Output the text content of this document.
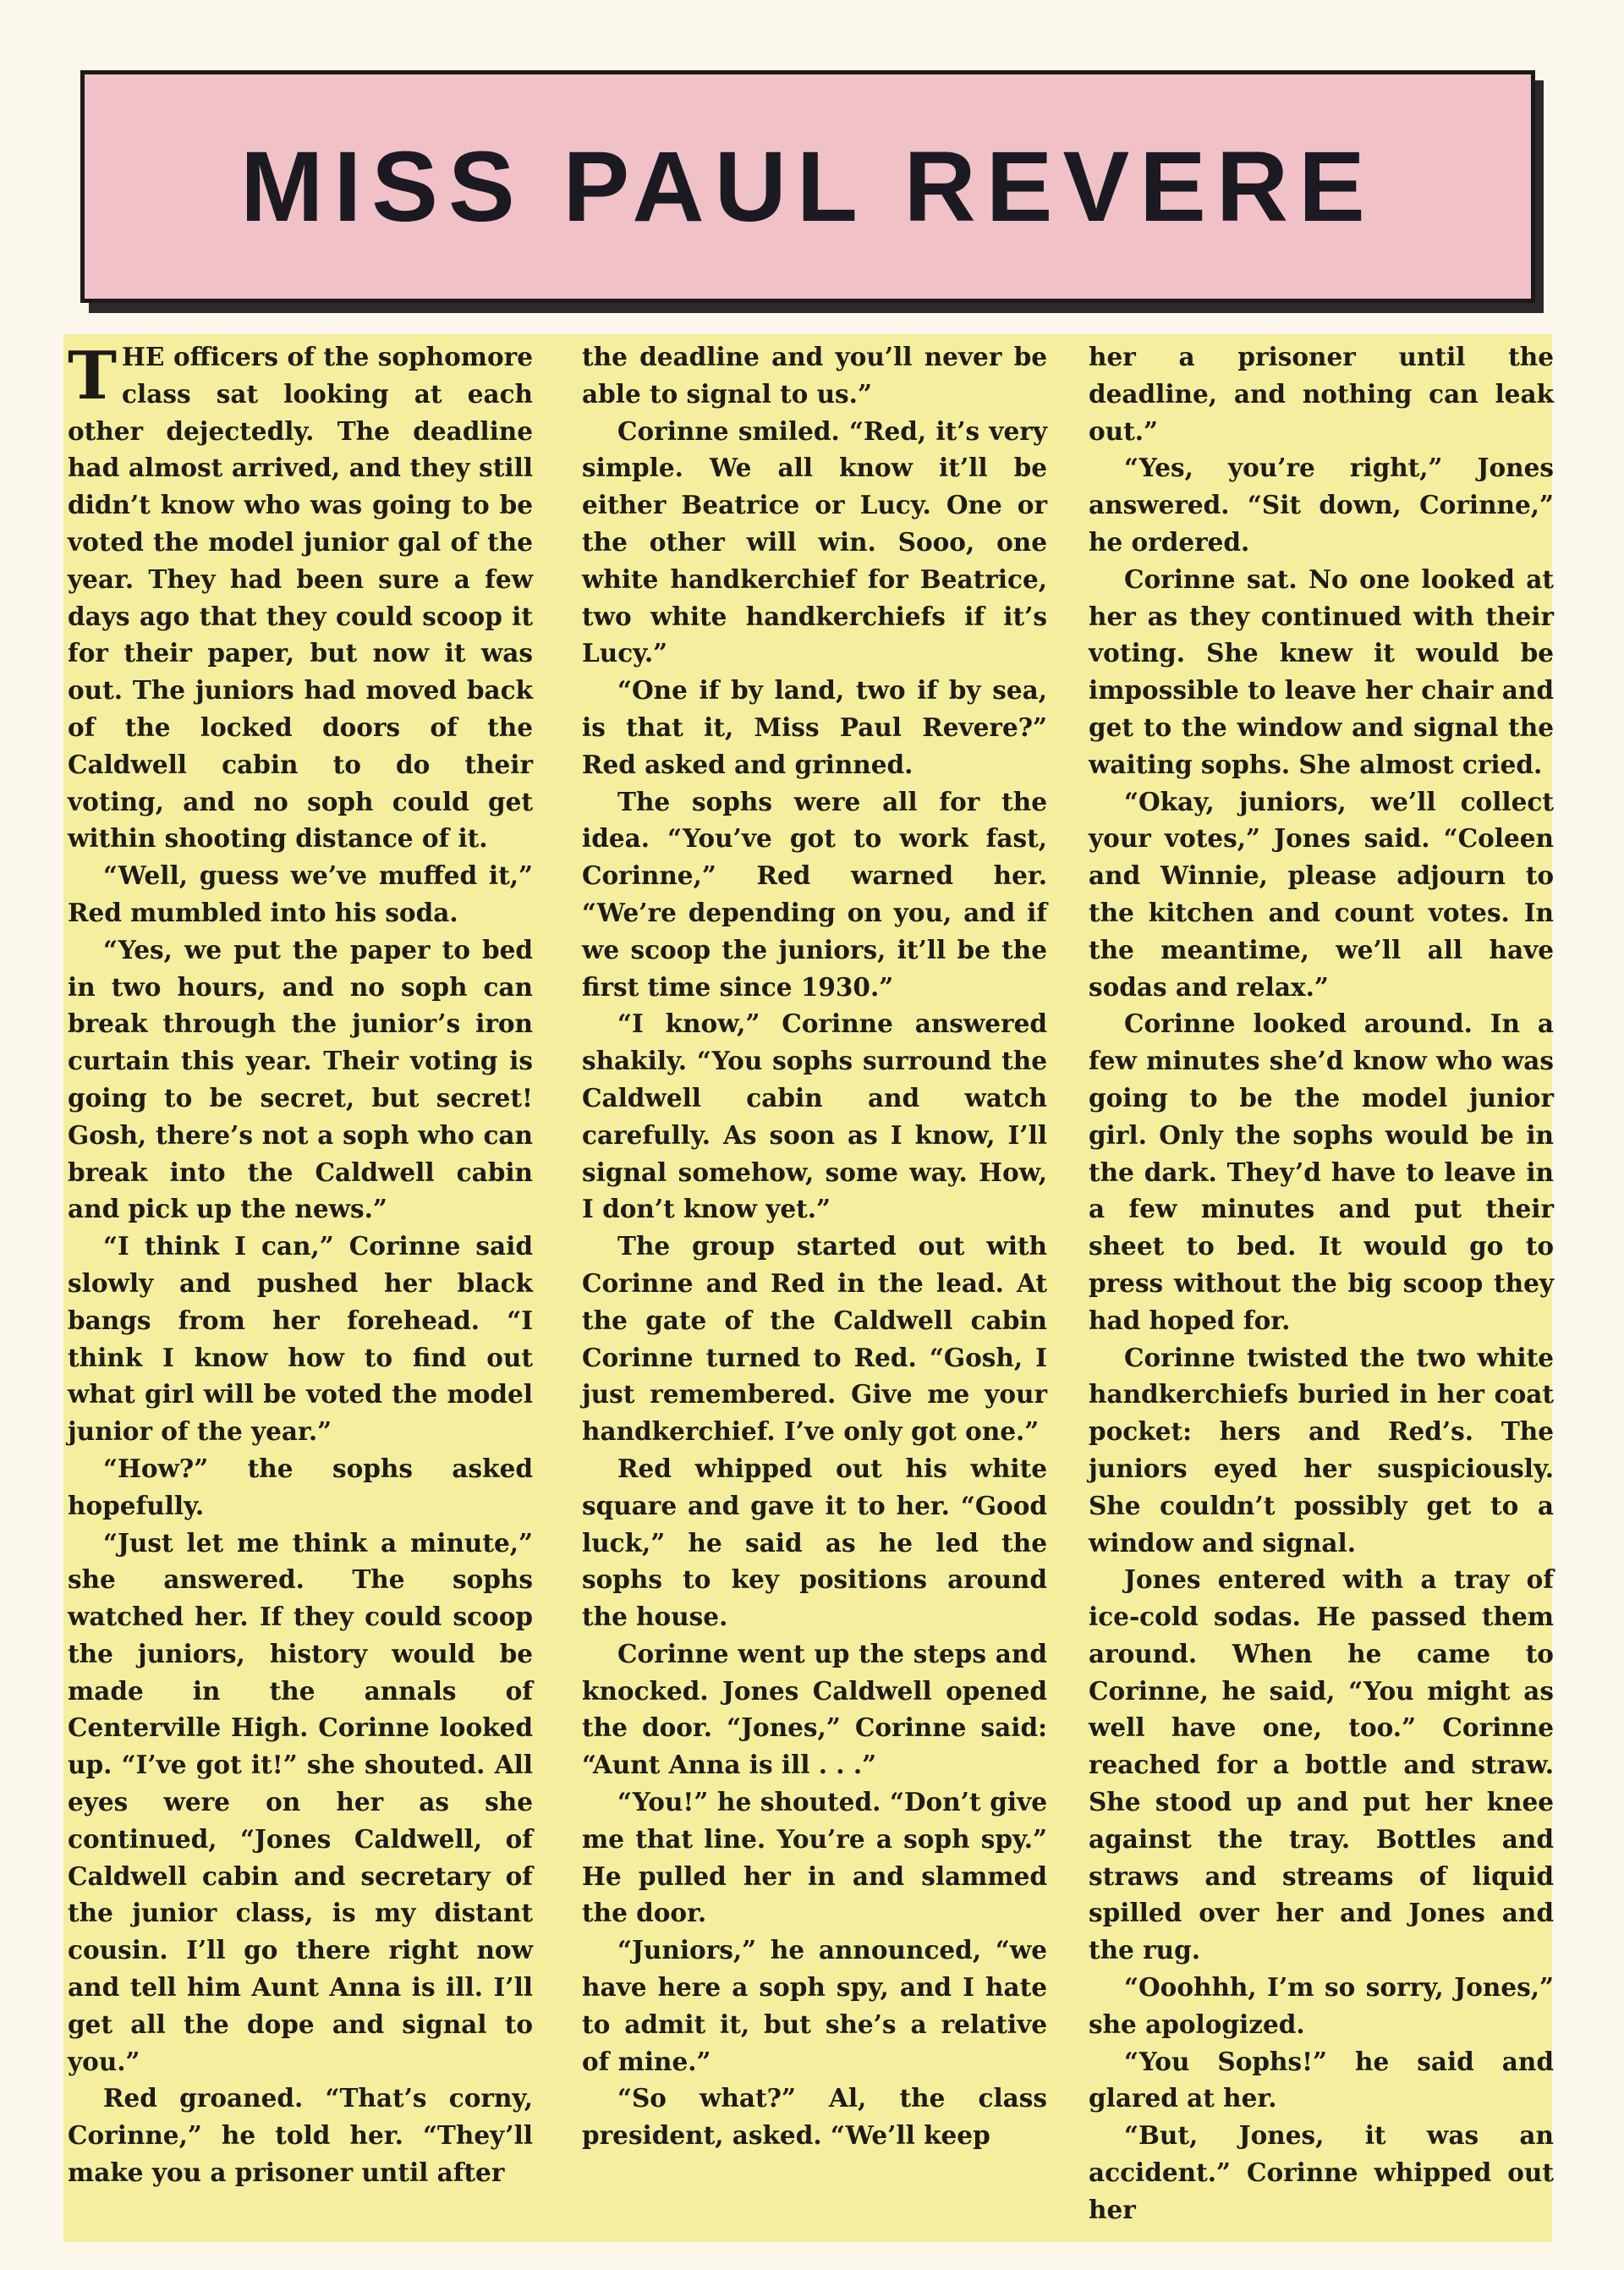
MISS PAUL REVERE

THE officers of the sophomore class sat looking at each other dejectedly. The deadline had almost arrived, and they still didn’t know who was going to be voted the model junior gal of the year. They had been sure a few days ago that they could scoop it for their paper, but now it was out. The juniors had moved back of the locked doors of the Caldwell cabin to do their voting, and no soph could get within shooting distance of it.

“Well, guess we’ve muffed it,” Red mumbled into his soda.

“Yes, we put the paper to bed in two hours, and no soph can break through the junior’s iron curtain this year. Their voting is going to be secret, but secret! Gosh, there’s not a soph who can break into the Caldwell cabin and pick up the news.”

“I think I can,” Corinne said slowly and pushed her black bangs from her forehead. “I think I know how to find out what girl will be voted the model junior of the year.”

“How?” the sophs asked hopefully.

“Just let me think a minute,” she answered. The sophs watched her. If they could scoop the juniors, history would be made in the annals of Centerville High. Corinne looked up. “I’ve got it!” she shouted. All eyes were on her as she continued, “Jones Caldwell, of Caldwell cabin and secretary of the junior class, is my distant cousin. I’ll go there right now and tell him Aunt Anna is ill. I’ll get all the dope and signal to you.”

Red groaned. “That’s corny, Corinne,” he told her. “They’ll make you a prisoner until after

the deadline and you’ll never be able to signal to us.”

Corinne smiled. “Red, it’s very simple. We all know it’ll be either Beatrice or Lucy. One or the other will win. Sooo, one white handkerchief for Beatrice, two white handkerchiefs if it’s Lucy.”

“One if by land, two if by sea, is that it, Miss Paul Revere?” Red asked and grinned.

The sophs were all for the idea. “You’ve got to work fast, Corinne,” Red warned her. “We’re depending on you, and if we scoop the juniors, it’ll be the first time since 1930.”

“I know,” Corinne answered shakily. “You sophs surround the Caldwell cabin and watch carefully. As soon as I know, I’ll signal somehow, some way. How, I don’t know yet.”

The group started out with Corinne and Red in the lead. At the gate of the Caldwell cabin Corinne turned to Red. “Gosh, I just remembered. Give me your handkerchief. I’ve only got one.”

Red whipped out his white square and gave it to her. “Good luck,” he said as he led the sophs to key positions around the house.

Corinne went up the steps and knocked. Jones Caldwell opened the door. “Jones,” Corinne said: “Aunt Anna is ill . . .”

“You!” he shouted. “Don’t give me that line. You’re a soph spy.” He pulled her in and slammed the door.

“Juniors,” he announced, “we have here a soph spy, and I hate to admit it, but she’s a relative of mine.”

“So what?” Al, the class president, asked. “We’ll keep

her a prisoner until the deadline, and nothing can leak out.”

“Yes, you’re right,” Jones answered. “Sit down, Corinne,” he ordered.

Corinne sat. No one looked at her as they continued with their voting. She knew it would be impossible to leave her chair and get to the window and signal the waiting sophs. She almost cried.

“Okay, juniors, we’ll collect your votes,” Jones said. “Coleen and Winnie, please adjourn to the kitchen and count votes. In the meantime, we’ll all have sodas and relax.”

Corinne looked around. In a few minutes she’d know who was going to be the model junior girl. Only the sophs would be in the dark. They’d have to leave in a few minutes and put their sheet to bed. It would go to press without the big scoop they had hoped for.

Corinne twisted the two white handkerchiefs buried in her coat pocket: hers and Red’s. The juniors eyed her suspiciously. She couldn’t possibly get to a window and signal.

Jones entered with a tray of ice-cold sodas. He passed them around. When he came to Corinne, he said, “You might as well have one, too.” Corinne reached for a bottle and straw. She stood up and put her knee against the tray. Bottles and straws and streams of liquid spilled over her and Jones and the rug.

“Ooohhh, I’m so sorry, Jones,” she apologized.

“You Sophs!” he said and glared at her.

“But, Jones, it was an accident.” Corinne whipped out her
